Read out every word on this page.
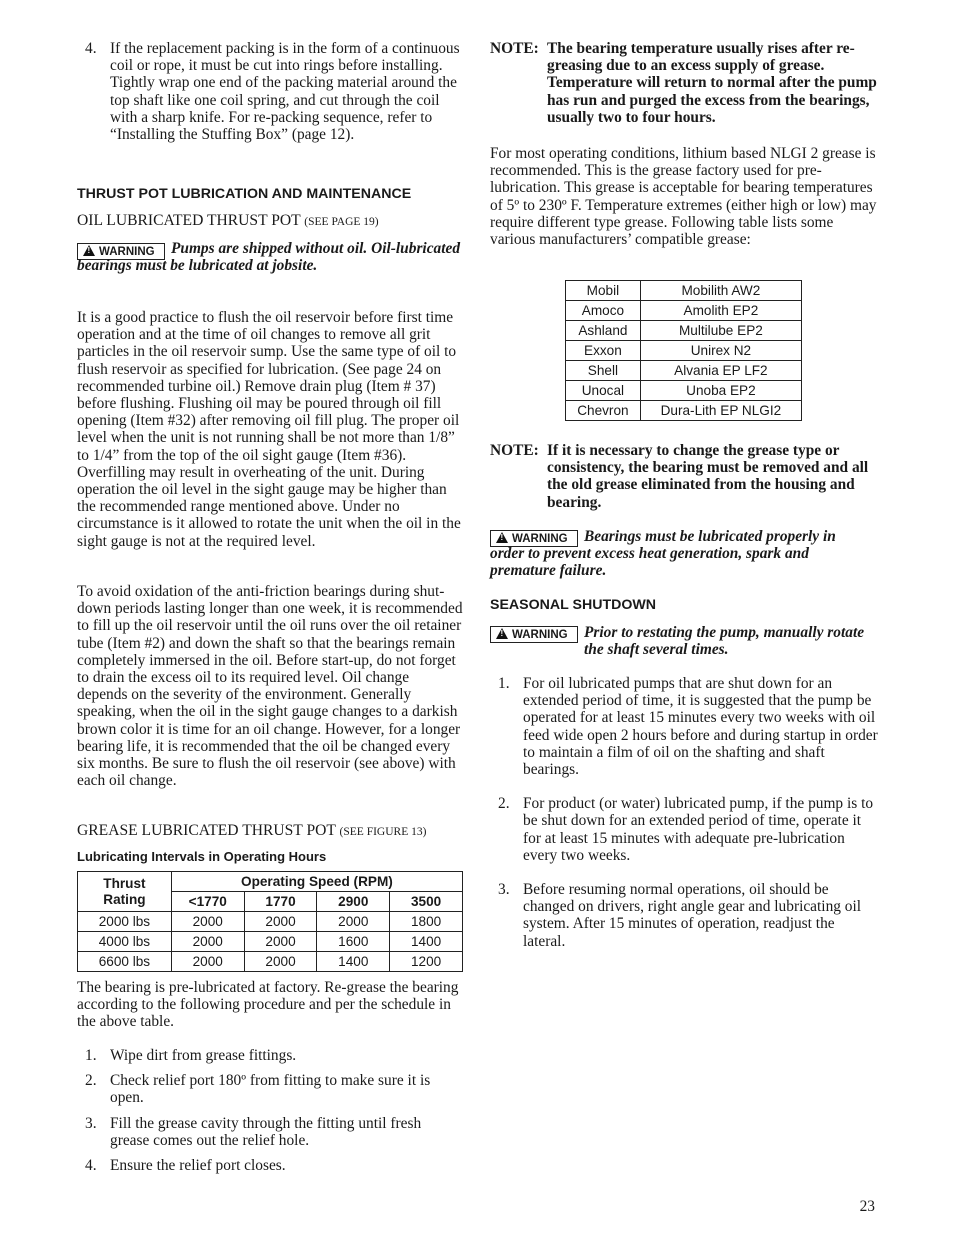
4. If the replacement packing is in the form of a continuous coil or rope, it must be cut into rings before installing. Tightly wrap one end of the packing material around the top shaft like one coil spring, and cut through the coil with a sharp knife. For re-packing sequence, refer to “Installing the Stuffing Box” (page 12).
THRUST POT LUBRICATION AND MAINTENANCE
OIL LUBRICATED THRUST POT (SEE PAGE 19)
!WARNING	Pumps are shipped without oil. Oil-lubricated bearings must be lubricated at jobsite.
It is a good practice to flush the oil reservoir before first time operation and at the time of oil changes to remove all grit particles in the oil reservoir sump. Use the same type of oil to flush reservoir as specified for lubrication. (See page 24 on recommended turbine oil.) Remove drain plug (Item # 37) before flushing. Flushing oil may be poured through oil fill opening (Item #32) after removing oil fill plug. The proper oil level when the unit is not running shall be not more than 1/8” to 1/4” from the top of the oil sight gauge (Item #36). Overfilling may result in overheating of the unit. During operation the oil level in the sight gauge may be higher than the recommended range mentioned above. Under no circumstance is it allowed to rotate the unit when the oil in the sight gauge is not at the required level.
To avoid oxidation of the anti-friction bearings during shut-down periods lasting longer than one week, it is recommended to fill up the oil reservoir until the oil runs over the oil retainer tube (Item #2) and down the shaft so that the bearings remain completely immersed in the oil. Before start-up, do not forget to drain the excess oil to its required level. Oil change depends on the severity of the environment. Generally speaking, when the oil in the sight gauge changes to a darkish brown color it is time for an oil change. However, for a longer bearing life, it is recommended that the oil be changed every six months. Be sure to flush the oil reservoir (see above) with each oil change.
GREASE LUBRICATED THRUST POT (SEE FIGURE 13)
Lubricating Intervals in Operating Hours
Thrust Rating	Operating Speed (RPM)			
	<1770	1770	2900	3500
2000 lbs	2000	2000	2000	1800
4000 lbs	2000	2000	1600	1400
6600 lbs	2000	2000	1400	1200
The bearing is pre-lubricated at factory. Re-grease the bearing according to the following procedure and per the schedule in the above table.
1. Wipe dirt from grease fittings.
2. Check relief port 180º from fitting to make sure it is open.
3. Fill the grease cavity through the fitting until fresh grease comes out the relief hole.
4. Ensure the relief port closes.
NOTE: The bearing temperature usually rises after re-greasing due to an excess supply of grease. Temperature will return to normal after the pump has run and purged the excess from the bearings, usually two to four hours.
For most operating conditions, lithium based NLGI 2 grease is recommended. This is the grease factory used for pre-lubrication. This grease is acceptable for bearing temperatures of 5º to 230º F. Temperature extremes (either high or low) may require different type grease. Following table lists some various manufacturers’ compatible grease:
Mobil	Mobilith AW2
Amoco	Amolith EP2
Ashland	Multilube EP2
Exxon	Unirex N2
Shell	Alvania EP LF2
Unocal	Unoba EP2
Chevron	Dura-Lith EP NLGI2
NOTE: If it is necessary to change the grease type or consistency, the bearing must be removed and all the old grease eliminated from the housing and bearing.
!WARNING	Bearings must be lubricated properly in order to prevent excess heat generation, spark and premature failure.
SEASONAL SHUTDOWN
!WARNING	Prior to restating the pump, manually rotate the shaft several times.
1. For oil lubricated pumps that are shut down for an extended period of time, it is suggested that the pump be operated for at least 15 minutes every two weeks with oil feed wide open 2 hours before and during startup in order to maintain a film of oil on the shafting and shaft bearings.
2. For product (or water) lubricated pump, if the pump is to be shut down for an extended period of time, operate it for at least 15 minutes with adequate pre-lubrication every two weeks.
3. Before resuming normal operations, oil should be changed on drivers, right angle gear and lubricating oil system. After 15 minutes of operation, readjust the lateral.
23
